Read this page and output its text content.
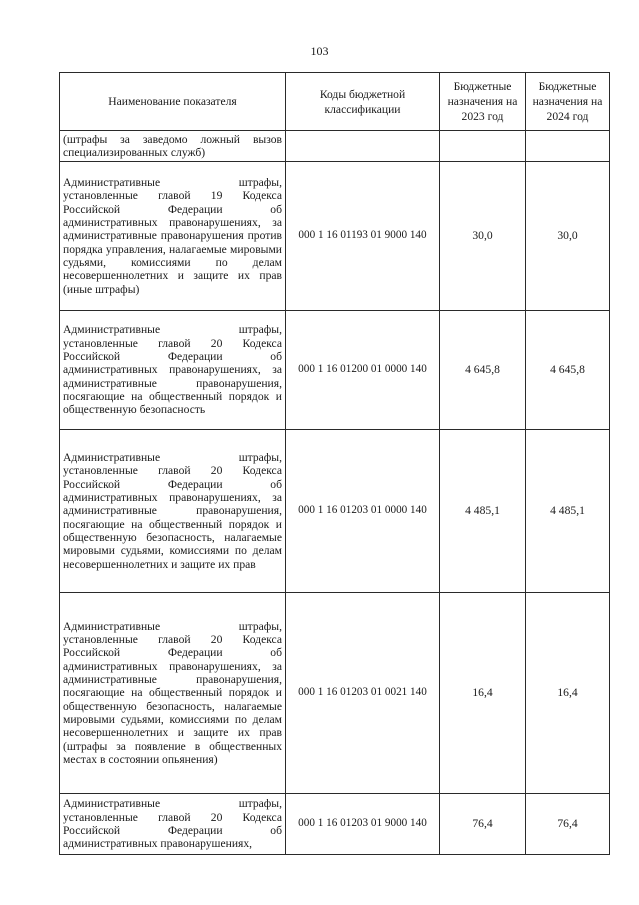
103
Наименование показателя	Коды бюджетной классификации	Бюджетные назначения на 2023 год	Бюджетные назначения на 2024 год
(штрафы за заведомо ложный вызов специализированных служб)			
Административные штрафы, установленные главой 19 Кодекса Российской Федерации об административных правонарушениях, за административные правонарушения против порядка управления, налагаемые мировыми судьями, комиссиями по делам несовершеннолетних и защите их прав (иные штрафы)	000 1 16 01193 01 9000 140	30,0	30,0
Административные штрафы, установленные главой 20 Кодекса Российской Федерации об административных правонарушениях, за административные правонарушения, посягающие на общественный порядок и общественную безопасность	000 1 16 01200 01 0000 140	4 645,8	4 645,8
Административные штрафы, установленные главой 20 Кодекса Российской Федерации об административных правонарушениях, за административные правонарушения, посягающие на общественный порядок и общественную безопасность, налагаемые мировыми судьями, комиссиями по делам несовершеннолетних и защите их прав	000 1 16 01203 01 0000 140	4 485,1	4 485,1
Административные штрафы, установленные главой 20 Кодекса Российской Федерации об административных правонарушениях, за административные правонарушения, посягающие на общественный порядок и общественную безопасность, налагаемые мировыми судьями, комиссиями по делам несовершеннолетних и защите их прав (штрафы за появление в общественных местах в состоянии опьянения)	000 1 16 01203 01 0021 140	16,4	16,4
Административные штрафы, установленные главой 20 Кодекса Российской Федерации об административных правонарушениях,	000 1 16 01203 01 9000 140	76,4	76,4
